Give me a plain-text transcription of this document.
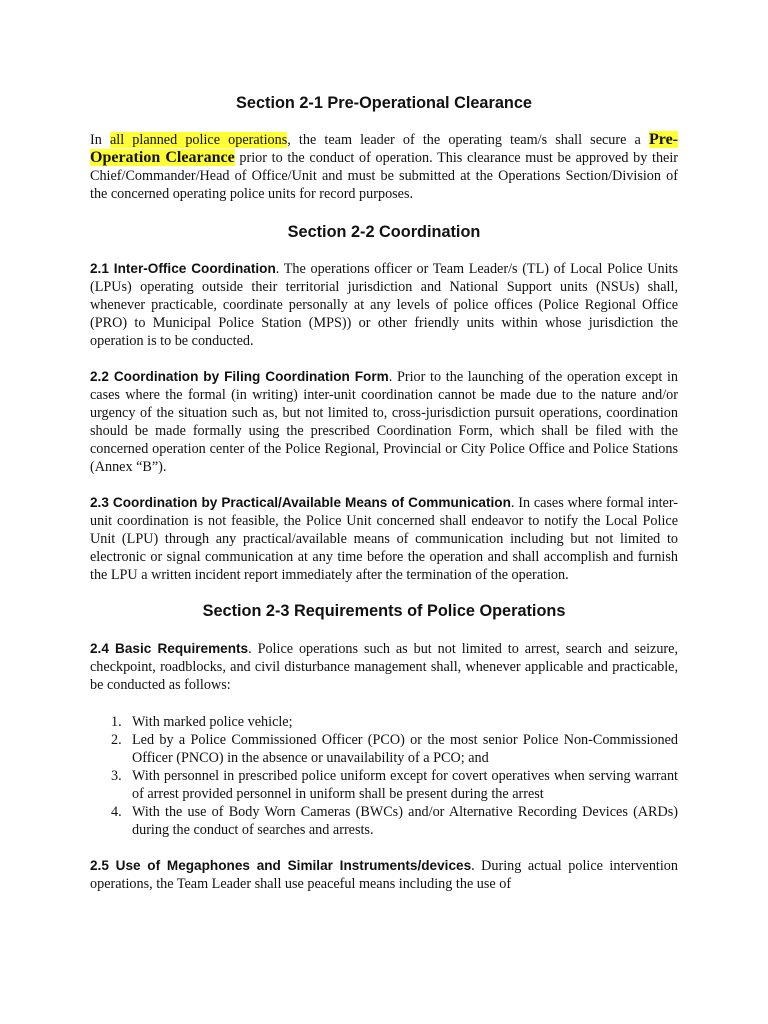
Section 2-1 Pre-Operational Clearance

In all planned police operations, the team leader of the operating team/s shall secure a Pre-Operation Clearance prior to the conduct of operation. This clearance must be approved by their Chief/Commander/Head of Office/Unit and must be submitted at the Operations Section/Division of the concerned operating police units for record purposes.

Section 2-2 Coordination

2.1 Inter-Office Coordination. The operations officer or Team Leader/s (TL) of Local Police Units (LPUs) operating outside their territorial jurisdiction and National Support units (NSUs) shall, whenever practicable, coordinate personally at any levels of police offices (Police Regional Office (PRO) to Municipal Police Station (MPS)) or other friendly units within whose jurisdiction the operation is to be conducted.

2.2 Coordination by Filing Coordination Form. Prior to the launching of the operation except in cases where the formal (in writing) inter-unit coordination cannot be made due to the nature and/or urgency of the situation such as, but not limited to, cross-jurisdiction pursuit operations, coordination should be made formally using the prescribed Coordination Form, which shall be filed with the concerned operation center of the Police Regional, Provincial or City Police Office and Police Stations (Annex “B”).

2.3 Coordination by Practical/Available Means of Communication. In cases where formal inter-unit coordination is not feasible, the Police Unit concerned shall endeavor to notify the Local Police Unit (LPU) through any practical/available means of communication including but not limited to electronic or signal communication at any time before the operation and shall accomplish and furnish the LPU a written incident report immediately after the termination of the operation.

Section 2-3 Requirements of Police Operations

2.4 Basic Requirements. Police operations such as but not limited to arrest, search and seizure, checkpoint, roadblocks, and civil disturbance management shall, whenever applicable and practicable, be conducted as follows:

1. With marked police vehicle;
2. Led by a Police Commissioned Officer (PCO) or the most senior Police Non-Commissioned Officer (PNCO) in the absence or unavailability of a PCO; and
3. With personnel in prescribed police uniform except for covert operatives when serving warrant of arrest provided personnel in uniform shall be present during the arrest
4. With the use of Body Worn Cameras (BWCs) and/or Alternative Recording Devices (ARDs) during the conduct of searches and arrests.

2.5 Use of Megaphones and Similar Instruments/devices. During actual police intervention operations, the Team Leader shall use peaceful means including the use of
